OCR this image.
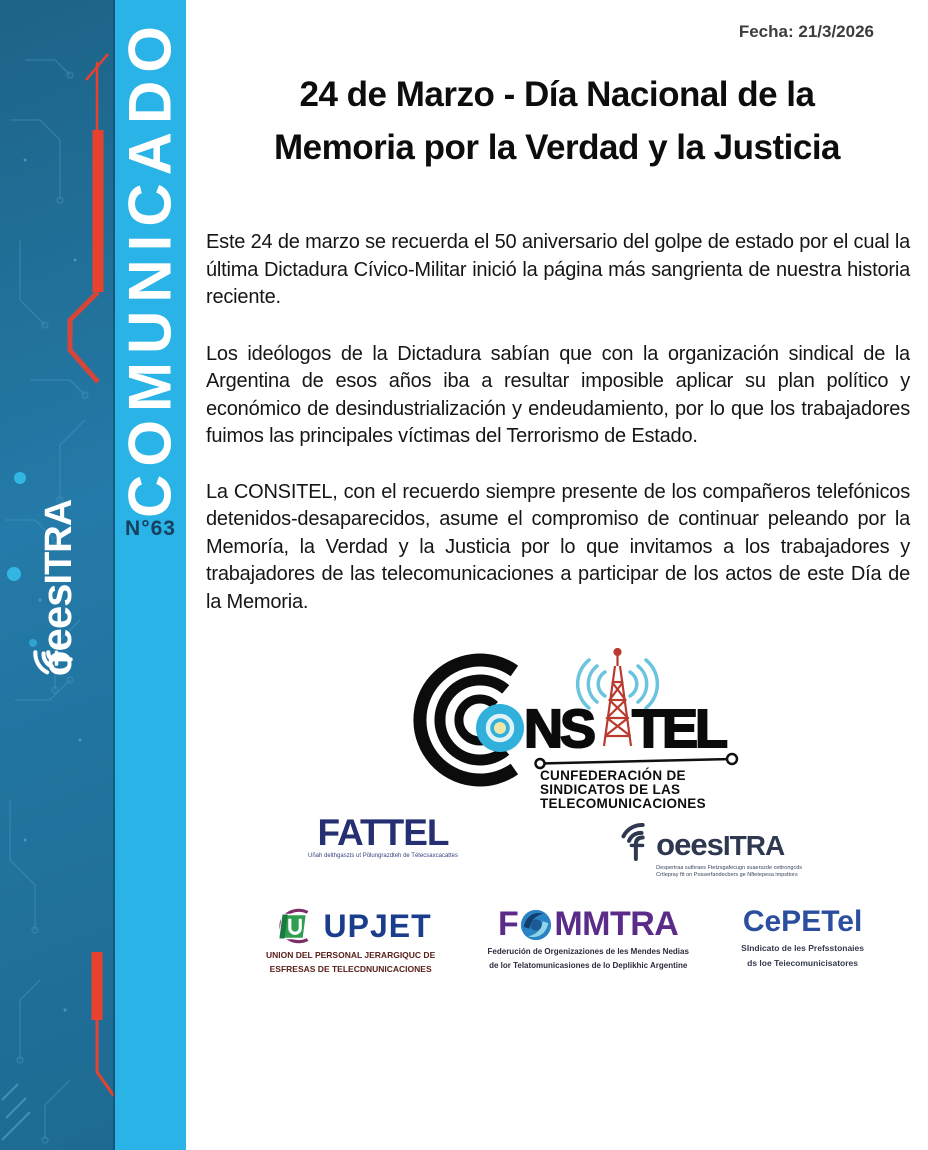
oeesITRA
COMUNICADO
N°63
Fecha: 21/3/2026
24 de Marzo - Día Nacional de la
Memoria por la Verdad y la Justicia

Este 24 de marzo se recuerda el 50 aniversario del golpe de estado por el cual la última Dictadura Cívico-Militar inició la página más sangrienta de nuestra historia reciente.

Los ideólogos de la Dictadura sabían que con la organización sindical de la Argentina de esos años iba a resultar imposible aplicar su plan político y económico de desindustrialización y endeudamiento, por lo que los trabajadores fuimos las principales víctimas del Terrorismo de Estado.

La CONSITEL, con el recuerdo siempre presente de los compañeros telefónicos detenidos-desaparecidos, asume el compromiso de continuar peleando por la Memoría, la Verdad y la Justicia por lo que invitamos a los trabajadores y trabajadores de las telecomunicaciones a participar de los actos de este Día de la Memoria.

NS TEL
CUNFEDERACIÓN DE
SINDICATOS DE LAS
TELECOMUNICACIONES
FATTEL
Uñah delthgaszts ut Pölungrazdteh de Tétecsaxcacattes	oeesITRA
Despertraa suthraes Ftetzsgafecugn suaerszde cettrongcds
Crtlepray ftt on Posserfandecbers ge Nftetepesa impsttors
UPJET
UNION DEL PERSONAL JERARGIQUC DE
ESFRESAS DE TELECDNUNICACIONES
F MMTRA
Federución de Orgenizaziones de les Mendes Nedias
de lor Telatomunicasiones de lo Deplikhic Argentine
CePETel
SIndicato de les Prefsstonaies
ds loe Teiecomunicisatores
